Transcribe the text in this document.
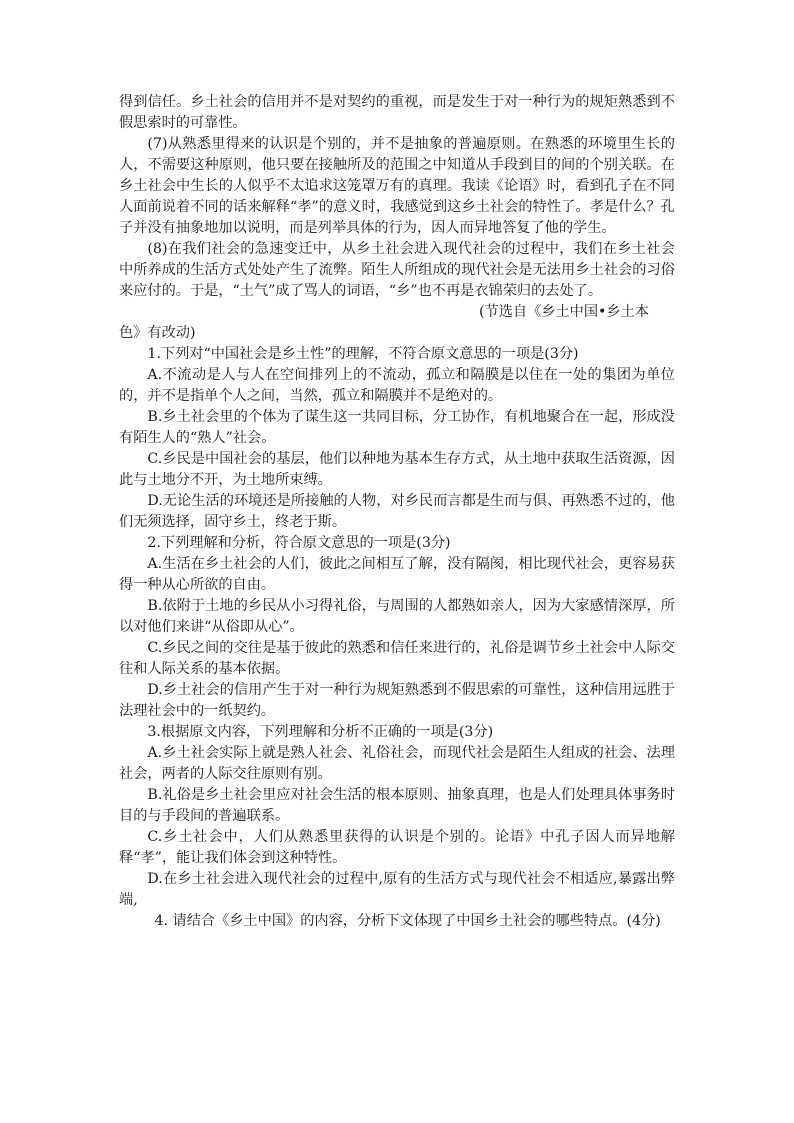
得到信任。乡土社会的信用并不是对契约的重视，而是发生于对一种行为的规矩熟悉到不假思索时的可靠性。

(7)从熟悉里得来的认识是个别的，并不是抽象的普遍原则。在熟悉的环境里生长的人，不需要这种原则，他只要在接触所及的范围之中知道从手段到目的间的个别关联。在乡土社会中生长的人似乎不太追求这笼罩万有的真理。我读《论语》时，看到孔子在不同人面前说着不同的话来解释“孝”的意义时，我感觉到这乡土社会的特性了。孝是什么？孔子并没有抽象地加以说明，而是列举具体的行为，因人而异地答复了他的学生。

(8)在我们社会的急速变迁中，从乡土社会进入现代社会的过程中，我们在乡土社会中所养成的生活方式处处产生了流弊。陌生人所组成的现代社会是无法用乡土社会的习俗来应付的。于是，“土气”成了骂人的词语，“乡”也不再是衣锦荣归的去处了。

(节选自《乡土中国•乡土本

色》有改动)

1.下列对“中国社会是乡土性”的理解，不符合原文意思的一项是(3分)

A.不流动是人与人在空间排列上的不流动，孤立和隔膜是以住在一处的集团为单位的，并不是指单个人之间，当然，孤立和隔膜并不是绝对的。

B.乡土社会里的个体为了谋生这一共同目标，分工协作，有机地聚合在一起，形成没有陌生人的“熟人”社会。

C.乡民是中国社会的基层，他们以种地为基本生存方式，从土地中获取生活资源，因此与土地分不开，为土地所束缚。

D.无论生活的环境还是所接触的人物，对乡民而言都是生而与俱、再熟悉不过的，他们无须选择，固守乡土，终老于斯。

2.下列理解和分析，符合原文意思的一项是(3分)

A.生活在乡土社会的人们，彼此之间相互了解，没有隔阂，相比现代社会，更容易获得一种从心所欲的自由。

B.依附于土地的乡民从小习得礼俗，与周围的人都熟如亲人，因为大家感情深厚，所以对他们来讲“从俗即从心”。

C.乡民之间的交往是基于彼此的熟悉和信任来进行的，礼俗是调节乡土社会中人际交往和人际关系的基本依据。

D.乡土社会的信用产生于对一种行为规矩熟悉到不假思索的可靠性，这种信用远胜于法理社会中的一纸契约。

3.根据原文内容，下列理解和分析不正确的一项是(3分)

A.乡土社会实际上就是熟人社会、礼俗社会，而现代社会是陌生人组成的社会、法理社会，两者的人际交往原则有别。

B.礼俗是乡土社会里应对社会生活的根本原则、抽象真理，也是人们处理具体事务时目的与手段间的普遍联系。

C.乡土社会中，人们从熟悉里获得的认识是个别的。论语》中孔子因人而异地解释“孝”，能让我们体会到这种特性。

D.在乡土社会进入现代社会的过程中,原有的生活方式与现代社会不相适应,暴露出弊端,

4. 请结合《乡土中国》的内容，分析下文体现了中国乡土社会的哪些特点。(4分)
